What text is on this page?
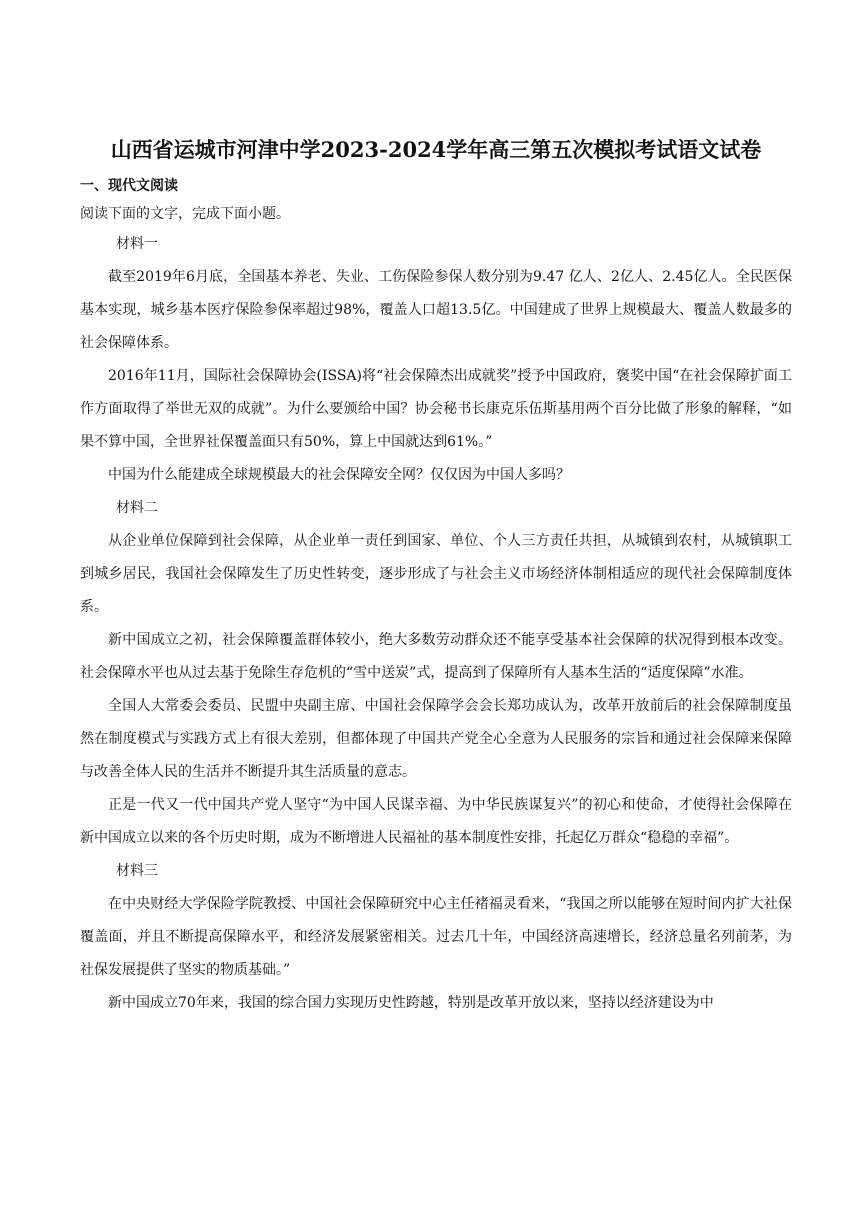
山西省运城市河津中学2023-2024学年高三第五次模拟考试语文试卷

一、现代文阅读

阅读下面的文字，完成下面小题。

材料一

截至2019年6月底，全国基本养老、失业、工伤保险参保人数分别为9.47 亿人、2亿人、2.45亿人。全民医保基本实现，城乡基本医疗保险参保率超过98%，覆盖人口超13.5亿。中国建成了世界上规模最大、覆盖人数最多的社会保障体系。

2016年11月，国际社会保障协会(ISSA)将“社会保障杰出成就奖”授予中国政府，褒奖中国“在社会保障扩面工作方面取得了举世无双的成就”。为什么要颁给中国？协会秘书长康克乐伍斯基用两个百分比做了形象的解释，“如果不算中国，全世界社保覆盖面只有50%，算上中国就达到61%。”

中国为什么能建成全球规模最大的社会保障安全网？仅仅因为中国人多吗？

材料二

从企业单位保障到社会保障，从企业单一责任到国家、单位、个人三方责任共担，从城镇到农村，从城镇职工到城乡居民，我国社会保障发生了历史性转变，逐步形成了与社会主义市场经济体制相适应的现代社会保障制度体系。

新中国成立之初，社会保障覆盖群体较小，绝大多数劳动群众还不能享受基本社会保障的状况得到根本改变。社会保障水平也从过去基于免除生存危机的“雪中送炭”式，提高到了保障所有人基本生活的“适度保障”水准。

全国人大常委会委员、民盟中央副主席、中国社会保障学会会长郑功成认为，改革开放前后的社会保障制度虽然在制度模式与实践方式上有很大差别，但都体现了中国共产党全心全意为人民服务的宗旨和通过社会保障来保障与改善全体人民的生活并不断提升其生活质量的意志。

正是一代又一代中国共产党人坚守“为中国人民谋幸福、为中华民族谋复兴”的初心和使命，才使得社会保障在新中国成立以来的各个历史时期，成为不断增进人民福祉的基本制度性安排，托起亿万群众“稳稳的幸福”。

材料三

在中央财经大学保险学院教授、中国社会保障研究中心主任褚福灵看来，“我国之所以能够在短时间内扩大社保覆盖面，并且不断提高保障水平，和经济发展紧密相关。过去几十年，中国经济高速增长，经济总量名列前茅，为社保发展提供了坚实的物质基础。”

新中国成立70年来，我国的综合国力实现历史性跨越，特别是改革开放以来，坚持以经济建设为中
